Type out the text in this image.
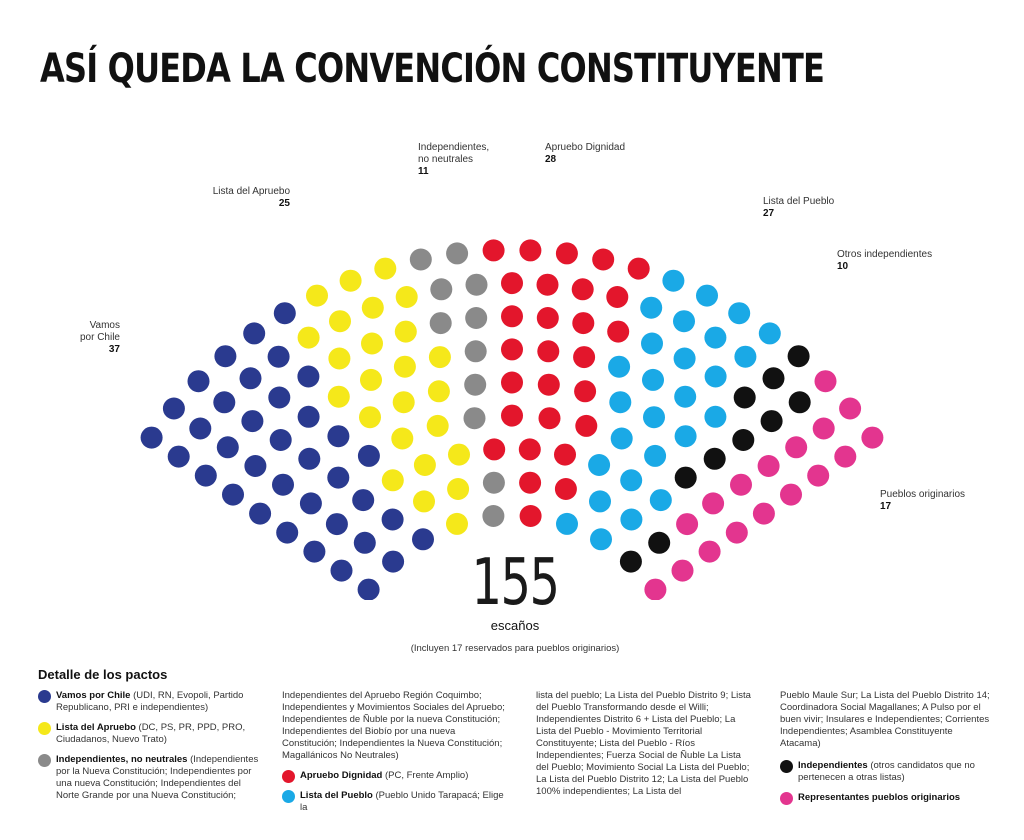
ASÍ QUEDA LA CONVENCIÓN CONSTITUYENTE
Vamos
por Chile
37
Lista del Apruebo
25
Independientes,
no neutrales
11
Apruebo Dignidad
28
Lista del Pueblo
27
Otros independientes
10
Pueblos originarios
17
155
escaños
(Incluyen 17 reservados para pueblos originarios)
Detalle de los pactos
Vamos por Chile (UDI, RN, Evopoli, Partido Republicano, PRI e independientes)
Lista del Apruebo (DC, PS, PR, PPD, PRO, Ciudadanos, Nuevo Trato)
Independientes, no neutrales (Independientes por la Nueva Constitución; Independientes por una nueva Constitución; Independientes del Norte Grande por una Nueva Constitución;
Independientes del Apruebo Región Coquimbo; Independientes y Movimientos Sociales del Apruebo; Independientes de Ñuble por la nueva Constitución; Independientes del Biobío por una nueva Constitución; Independientes la Nueva Constitución; Magallánicos No Neutrales)
Apruebo Dignidad (PC, Frente Amplio)
Lista del Pueblo (Pueblo Unido Tarapacá; Elige la
lista del pueblo; La Lista del Pueblo Distrito 9; Lista del Pueblo Transformando desde el Willi; Independientes Distrito 6 + Lista del Pueblo; La Lista del Pueblo - Movimiento Territorial Constituyente; Lista del Pueblo - Ríos Independientes; Fuerza Social de Ñuble La Lista del Pueblo; Movimiento Social La Lista del Pueblo; La Lista del Pueblo Distrito 12; La Lista del Pueblo 100% independientes; La Lista del
Pueblo Maule Sur; La Lista del Pueblo Distrito 14; Coordinadora Social Magallanes; A Pulso por el buen vivir; Insulares e Independientes; Corrientes Independientes; Asamblea Constituyente Atacama)
Independientes (otros candidatos que no pertenecen a otras listas)
Representantes pueblos originarios
